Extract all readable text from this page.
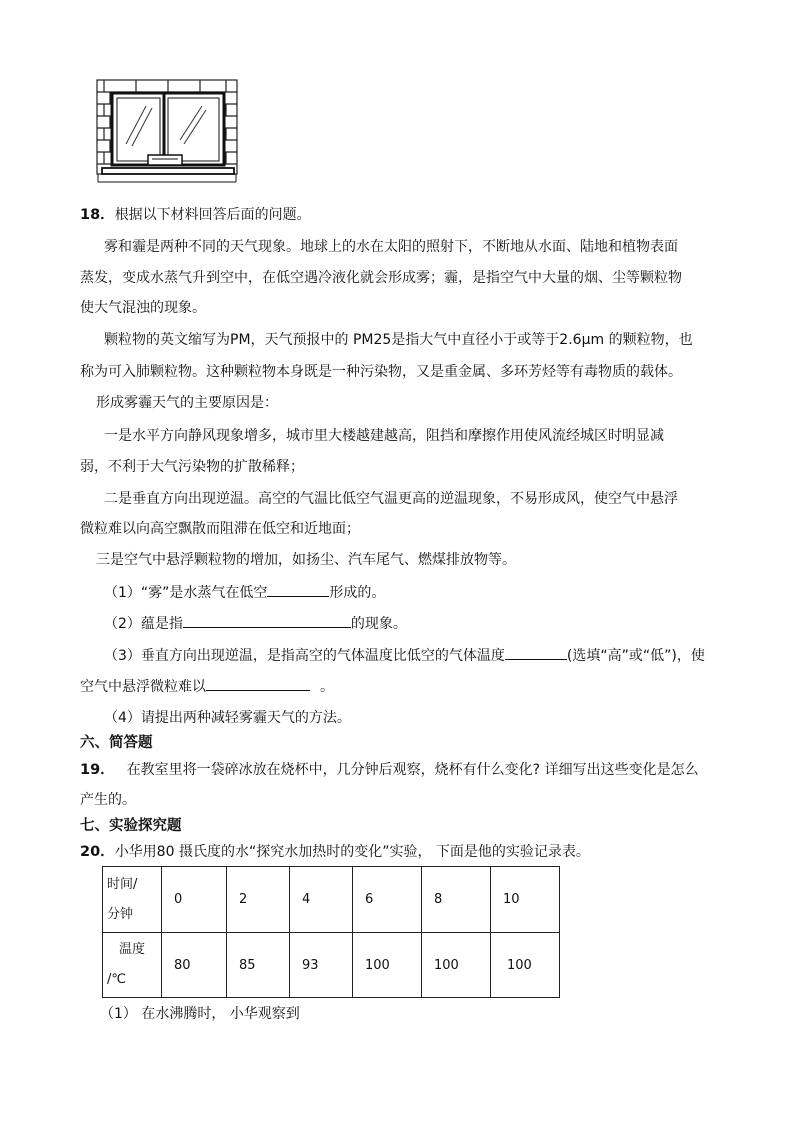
18．根据以下材料回答后面的问题。
雾和霾是两种不同的天气现象。地球上的水在太阳的照射下，不断地从水面、陆地和植物表面
蒸发，变成水蒸气升到空中，在低空遇冷液化就会形成雾；霾，是指空气中大量的烟、尘等颗粒物
使大气混浊的现象。
颗粒物的英文缩写为PM，天气预报中的 PM25是指大气中直径小于或等于2.6μm 的颗粒物，也
称为可入肺颗粒物。这种颗粒物本身既是一种污染物，又是重金属、多环芳烃等有毒物质的载体。
形成雾霾天气的主要原因是：
一是水平方向静风现象增多，城市里大楼越建越高，阻挡和摩擦作用使风流经城区时明显减
弱，不利于大气污染物的扩散稀释；
二是垂直方向出现逆温。高空的气温比低空气温更高的逆温现象，不易形成风，使空气中悬浮
微粒难以向高空飘散而阻滞在低空和近地面；
三是空气中悬浮颗粒物的增加，如扬尘、汽车尾气、燃煤排放物等。
（1）“雾”是水蒸气在低空	形成的。
（2）蕴是指	的现象。
（3）垂直方向出现逆温，是指高空的气体温度比低空的气体温度	(选填“高”或“低”)，使
空气中悬浮微粒难以	。
（4）请提出两种减轻雾霾天气的方法。
六、简答题
19． 在教室里将一袋碎冰放在烧杯中，几分钟后观察，烧杯有什么变化? 详细写出这些变化是怎么
产生的。
七、实验探究题
20．小华用80 摄氏度的水“探究水加热时的变化”实验， 下面是他的实验记录表。
时间/
分钟	0	2	4	6	8	10

温度
/℃	80	85	93	100	100	100
（1） 在水沸腾时， 小华观察到
